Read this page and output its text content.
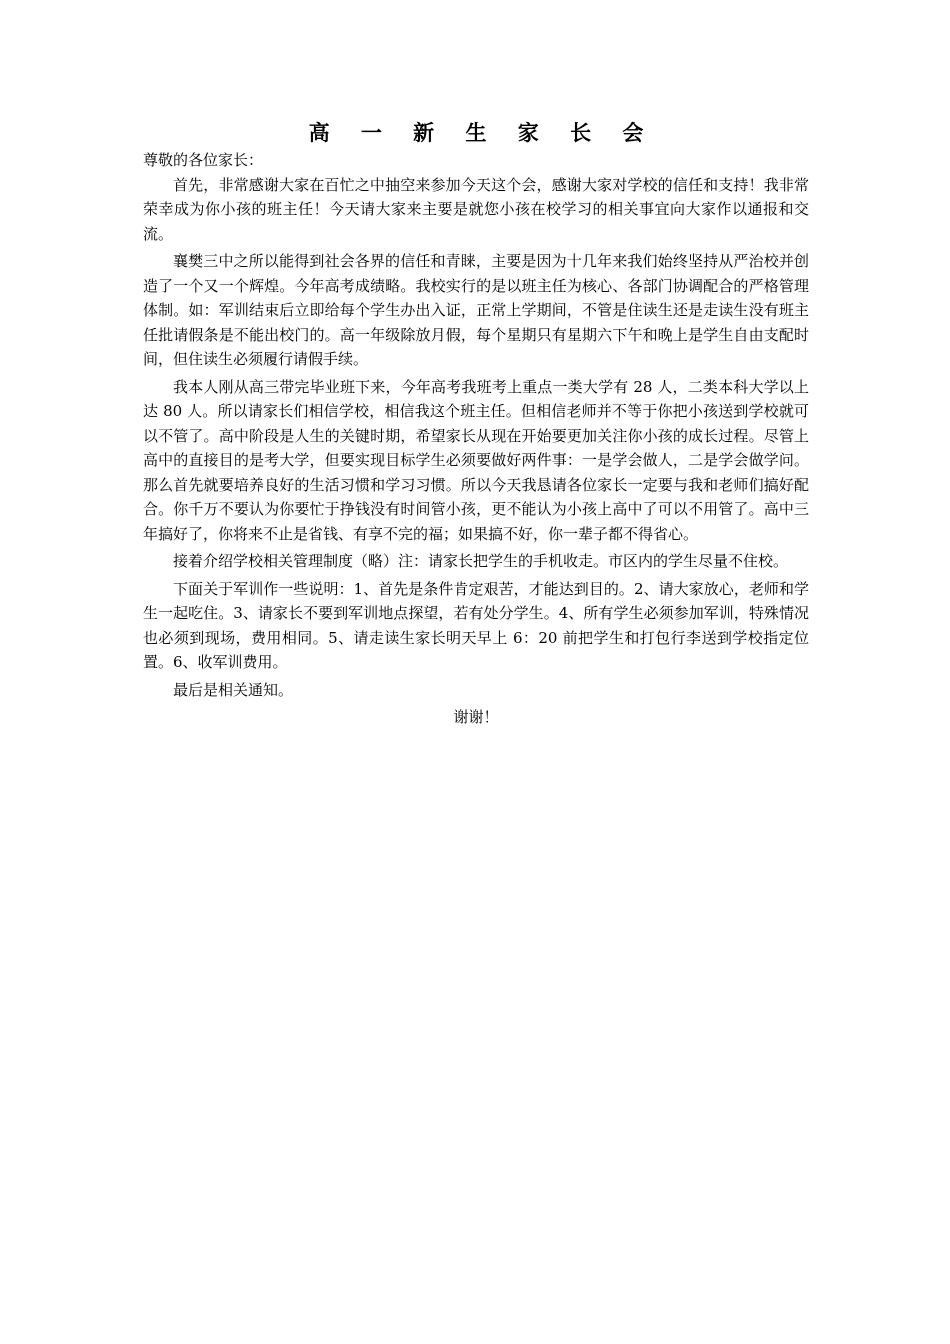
高 一 新 生 家 长 会

尊敬的各位家长：

首先，非常感谢大家在百忙之中抽空来参加今天这个会，感谢大家对学校的信任和支持！我非常荣幸成为你小孩的班主任！今天请大家来主要是就您小孩在校学习的相关事宜向大家作以通报和交流。

襄樊三中之所以能得到社会各界的信任和青睐，主要是因为十几年来我们始终坚持从严治校并创造了一个又一个辉煌。今年高考成绩略。我校实行的是以班主任为核心、各部门协调配合的严格管理体制。如：军训结束后立即给每个学生办出入证，正常上学期间，不管是住读生还是走读生没有班主任批请假条是不能出校门的。高一年级除放月假，每个星期只有星期六下午和晚上是学生自由支配时间，但住读生必须履行请假手续。

我本人刚从高三带完毕业班下来，今年高考我班考上重点一类大学有 28 人，二类本科大学以上达 80 人。所以请家长们相信学校，相信我这个班主任。但相信老师并不等于你把小孩送到学校就可以不管了。高中阶段是人生的关键时期，希望家长从现在开始要更加关注你小孩的成长过程。尽管上高中的直接目的是考大学，但要实现目标学生必须要做好两件事：一是学会做人，二是学会做学问。那么首先就要培养良好的生活习惯和学习习惯。所以今天我恳请各位家长一定要与我和老师们搞好配合。你千万不要认为你要忙于挣钱没有时间管小孩，更不能认为小孩上高中了可以不用管了。高中三年搞好了，你将来不止是省钱、有享不完的福；如果搞不好，你一辈子都不得省心。

接着介绍学校相关管理制度（略）注：请家长把学生的手机收走。市区内的学生尽量不住校。

下面关于军训作一些说明：1、首先是条件肯定艰苦，才能达到目的。2、请大家放心，老师和学生一起吃住。3、请家长不要到军训地点探望，若有处分学生。4、所有学生必须参加军训，特殊情况也必须到现场，费用相同。5、请走读生家长明天早上 6：20 前把学生和打包行李送到学校指定位置。6、收军训费用。

最后是相关通知。

谢谢！
